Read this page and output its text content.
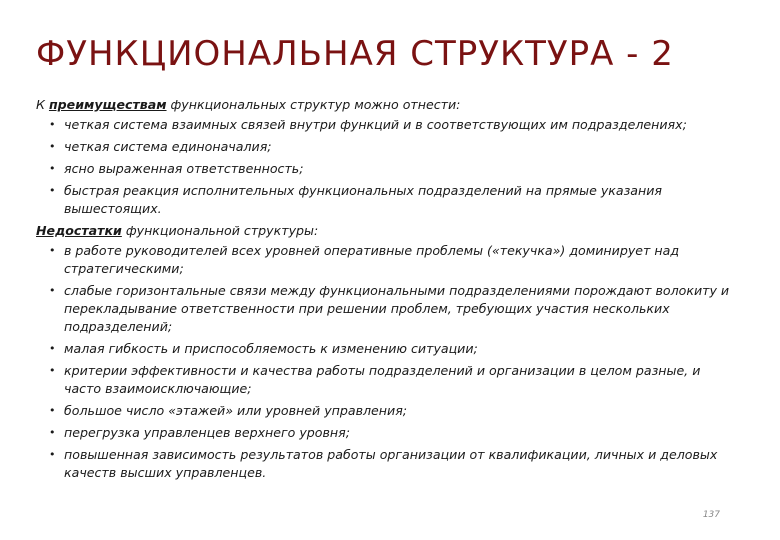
ФУНКЦИОНАЛЬНАЯ СТРУКТУРА - 2

К преимуществам функциональных структур можно отнести:

• четкая система взаимных связей внутри функций и в соответствующих им подразделениях;
• четкая система единоначалия;
• ясно выраженная ответственность;
• быстрая реакция исполнительных функциональных подразделений на прямые указания вышестоящих.

Недостатки функциональной структуры:

• в работе руководителей всех уровней оперативные проблемы («текучка») доминирует над стратегическими;
• слабые горизонтальные связи между функциональными подразделениями порождают волокиту и перекладывание ответственности при решении проблем, требующих участия нескольких подразделений;
• малая гибкость и приспособляемость к изменению ситуации;
• критерии эффективности и качества работы подразделений и организации в целом разные, и часто взаимоисключающие;
• большое число «этажей» или уровней управления;
• перегрузка управленцев верхнего уровня;
• повышенная зависимость результатов работы организации от квалификации, личных и деловых качеств высших управленцев.
137
